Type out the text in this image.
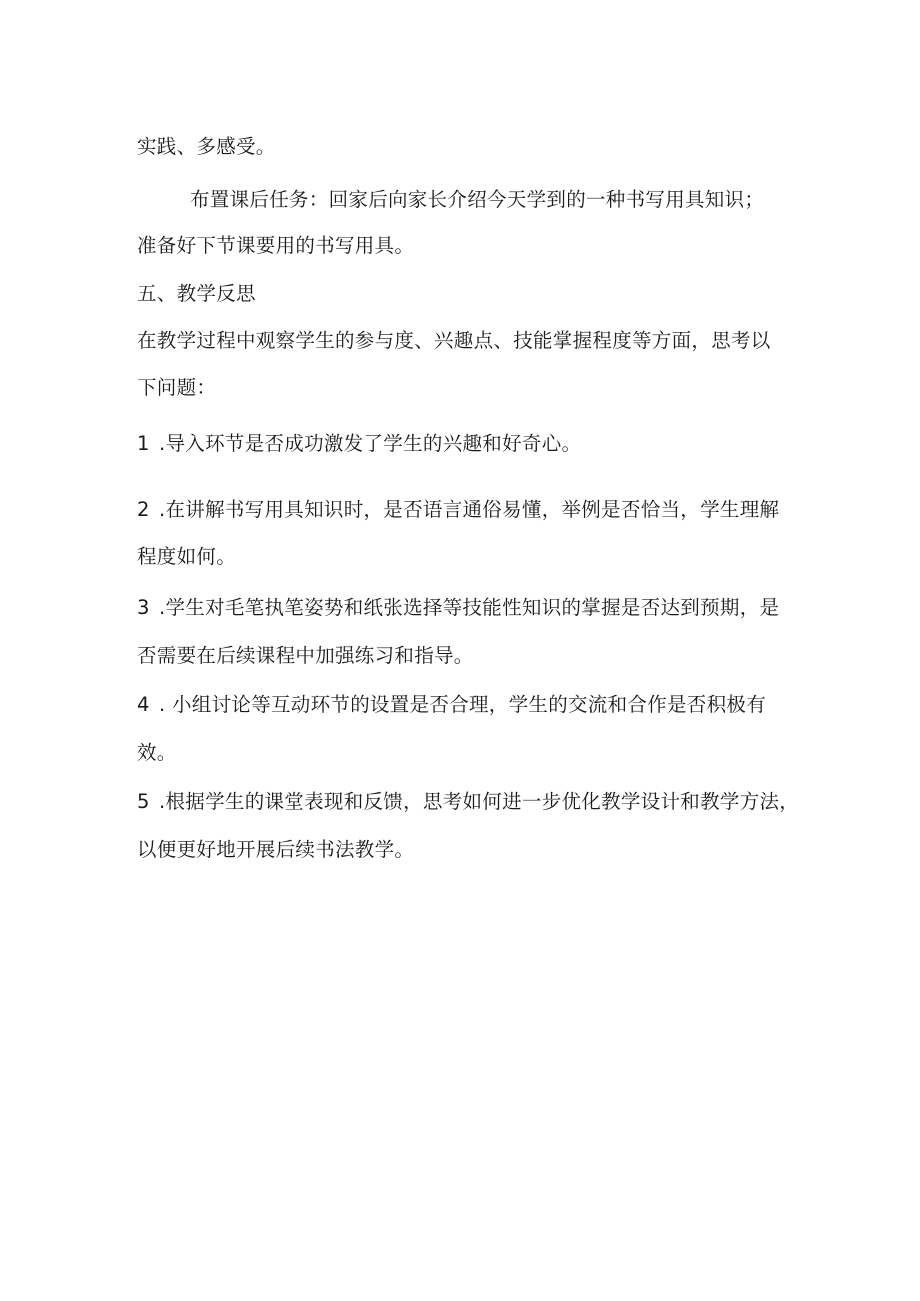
实践、多感受。
布置课后任务：回家后向家长介绍今天学到的一种书写用具知识；
准备好下节课要用的书写用具。
五、教学反思
在教学过程中观察学生的参与度、兴趣点、技能掌握程度等方面，思考以
下问题：
1 .导入环节是否成功激发了学生的兴趣和好奇心。
2 .在讲解书写用具知识时，是否语言通俗易懂，举例是否恰当，学生理解
程度如何。
3 .学生对毛笔执笔姿势和纸张选择等技能性知识的掌握是否达到预期，是
否需要在后续课程中加强练习和指导。
4 . 小组讨论等互动环节的设置是否合理，学生的交流和合作是否积极有
效。
5 .根据学生的课堂表现和反馈，思考如何进一步优化教学设计和教学方法，
以便更好地开展后续书法教学。
